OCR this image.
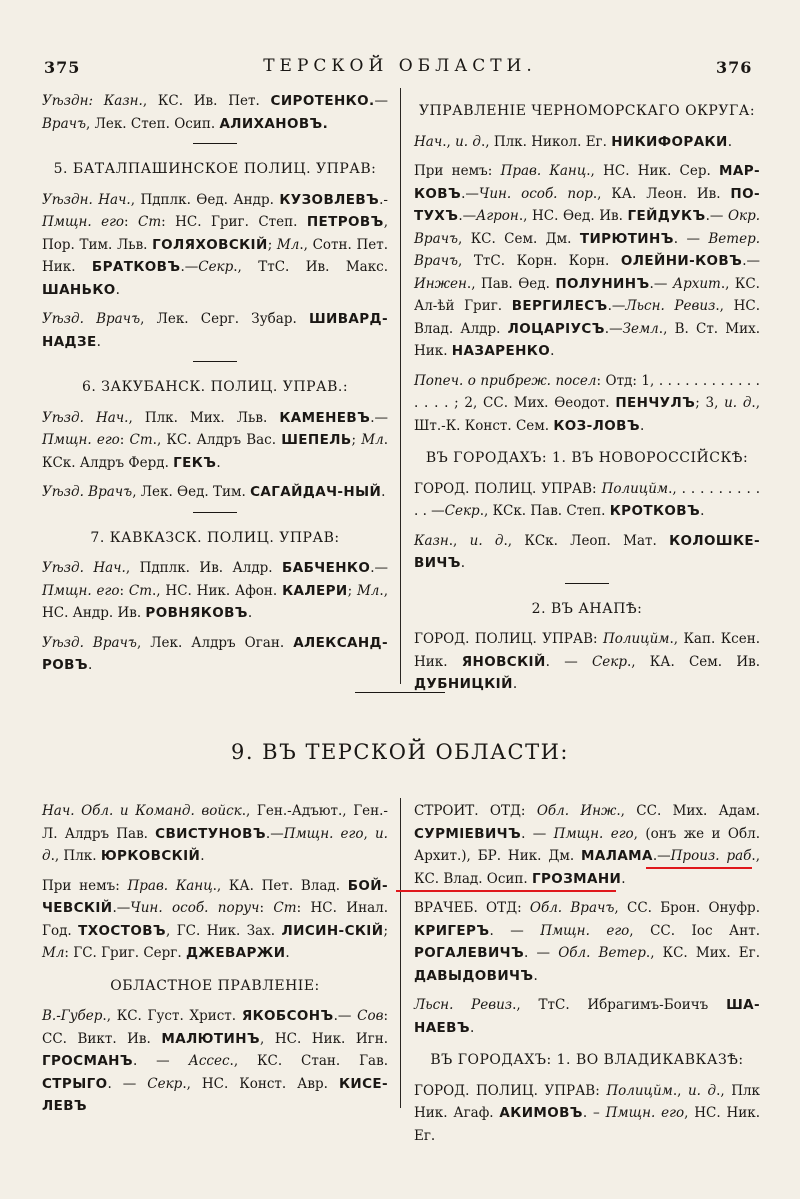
375	ТЕРСКОЙ ОБЛАСТИ.	376

Уѣздн: Казн., КС. Ив. Пет. СИРОТЕНКО.— Врачъ, Лек. Степ. Осип. АЛИХАНОВЪ.

5. БАТАЛПАШИНСКОЕ ПОЛИЦ. УПРАВ:

Уѣздн. Нач., Пдплк. Ѳед. Андр. КУЗОВЛЕВЪ.- Пмщн. его: Ст: НС. Григ. Степ. ПЕТРОВЪ, Пор. Тим. Льв. ГОЛЯХОВСКІЙ; Мл., Сотн. Пет. Ник. БРАТКОВЪ.—Секр., ТтС. Ив. Макс. ШАНЬКО.

Уѣзд. Врачъ, Лек. Серг. Зубар. ШИВАРД-НАДЗЕ.

6. ЗАКУБАНСК. ПОЛИЦ. УПРАВ.:

Уѣзд. Нач., Плк. Мих. Льв. КАМЕНЕВЪ.— Пмщн. его: Ст., КС. Алдръ Вас. ШЕПЕЛЬ; Мл. КСк. Алдръ Ферд. ГЕКЪ.

Уѣзд. Врачъ, Лек. Ѳед. Тим. САГАЙДАЧ-НЫЙ.

7. КАВКАЗСК. ПОЛИЦ. УПРАВ:

Уѣзд. Нач., Пдплк. Ив. Алдр. БАБЧЕНКО.— Пмщн. его: Ст., НС. Ник. Афон. КАЛЕРИ; Мл., НС. Андр. Ив. РОВНЯКОВЪ.

Уѣзд. Врачъ, Лек. Алдръ Оган. АЛЕКСАНД-РОВЪ.

УПРАВЛЕНІЕ ЧЕРНОМОРСКАГО ОКРУГА:

Нач., и. д., Плк. Никол. Ег. НИКИФОРАКИ.

При немъ: Прав. Канц., НС. Ник. Сер. МАР-КОВЪ.—Чин. особ. пор., КА. Леон. Ив. ПО-ТУХЪ.—Агрон., НС. Ѳед. Ив. ГЕЙДУКЪ.— Окр. Врачъ, КС. Сем. Дм. ТИРЮТИНЪ. — Ветер. Врачъ, ТтС. Корн. Корн. ОЛЕЙНИ-КОВЪ.—Инжен., Пав. Ѳед. ПОЛУНИНЪ.— Архит., КС. Ал-ѣй Григ. ВЕРГИЛЕСЪ.—Льсн. Ревиз., НС. Влад. Алдр. ЛОЦАРІУСЪ.—Земл., В. Ст. Мих. Ник. НАЗАРЕНКО.

Попеч. о прибреж. посел: Отд: 1, . . . . . . . . . . . . . . . . ; 2, СС. Мих. Ѳеодот. ПЕНЧУЛЪ; 3, и. д., Шт.-К. Конст. Сем. КОЗ-ЛОВЪ.

ВЪ ГОРОДАХЪ: 1. ВЪ НОВОРОССІЙСКѢ:

ГОРОД. ПОЛИЦ. УПРАВ: Полицйм., . . . . . . . . . . . —Секр., КСк. Пав. Степ. КРОТКОВЪ.

Казн., и. д., КСк. Леоп. Мат. КОЛОШКЕ-ВИЧЪ.

2. ВЪ АНАПѢ:

ГОРОД. ПОЛИЦ. УПРАВ: Полицйм., Кап. Ксен. Ник. ЯНОВСКІЙ. — Секр., КА. Сем. Ив. ДУБНИЦКІЙ.

9. ВЪ ТЕРСКОЙ ОБЛАСТИ:

Нач. Обл. и Команд. войск., Ген.-Адъют., Ген.-Л. Алдръ Пав. СВИСТУНОВЪ.—Пмщн. его, и. д., Плк. ЮРКОВСКІЙ.

При немъ: Прав. Канц., КА. Пет. Влад. БОЙ-ЧЕВСКІЙ.—Чин. особ. поруч: Ст: НС. Инал. Год. ТХОСТОВЪ, ГС. Ник. Зах. ЛИСИН-СКІЙ; Мл: ГС. Григ. Серг. ДЖЕВАРЖИ.

ОБЛАСТНОЕ ПРАВЛЕНІЕ:

В.-Губер., КС. Густ. Христ. ЯКОБСОНЪ.— Сов: СС. Викт. Ив. МАЛЮТИНЪ, НС. Ник. Игн. ГРОСМАНЪ. — Ассес., КС. Стан. Гав. СТРЫГО. — Секр., НС. Конст. Авр. КИСЕ-ЛЕВЪ

СТРОИТ. ОТД: Обл. Инж., СС. Мих. Адам. СУРМІЕВИЧЪ. — Пмщн. его, (онъ же и Обл. Архит.), БР. Ник. Дм. МАЛАМА.—Произ. раб., КС. Влад. Осип. ГРОЗМАНИ.

ВРАЧЕБ. ОТД: Обл. Врачъ, СС. Брон. Онуфр. КРИГЕРЪ. — Пмщн. его, СС. Іос Ант. РОГАЛЕВИЧЪ. — Обл. Ветер., КС. Мих. Ег. ДАВЫДОВИЧЪ.

Льсн. Ревиз., ТтС. Ибрагимъ-Боичъ ША-НАЕВЪ.

ВЪ ГОРОДАХЪ: 1. ВО ВЛАДИКАВКАЗѢ:

ГОРОД. ПОЛИЦ. УПРАВ: Полицйм., и. д., Плк Ник. Агаф. АКИМОВЪ. – Пмщн. его, НС. Ник. Ег.
